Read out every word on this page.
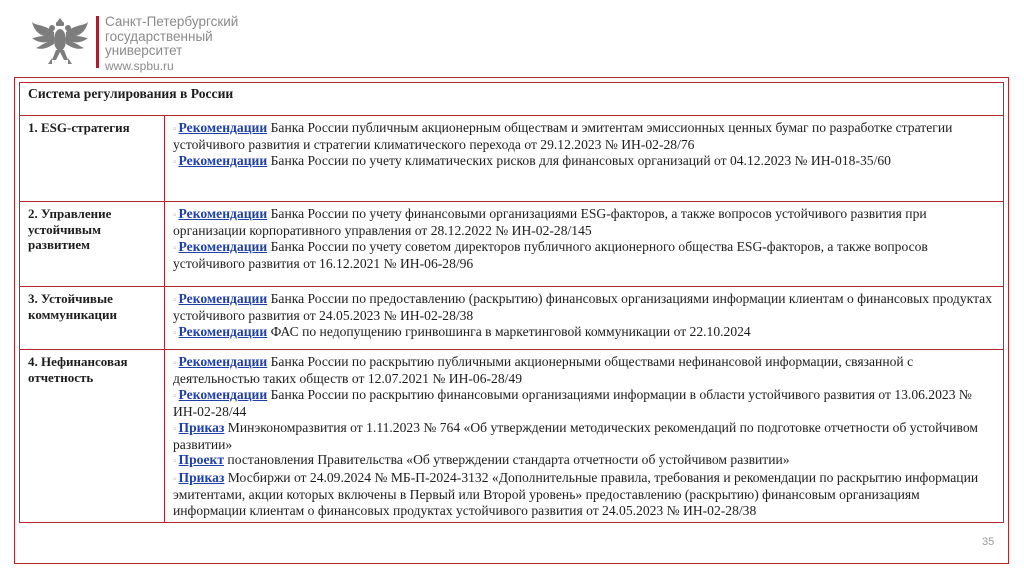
Санкт-Петербургский
государственный
университет
www.spbu.ru
Система регулирования в России	
1. ESG-стратегия	▫ Рекомендации Банка России публичным акционерным обществам и эмитентам эмиссионных ценных бумаг по разработке стратегии устойчивого развития и стратегии климатического перехода от 29.12.2023 № ИН-02-28/76
▫ Рекомендации Банка России по учету климатических рисков для финансовых организаций от 04.12.2023 № ИН-018-35/60

2. Управление устойчивым развитием	▫ Рекомендации Банка России по учету финансовыми организациями ESG-факторов, а также вопросов устойчивого развития при организации корпоративного управления от 28.12.2022 № ИН-02-28/145
▫ Рекомендации Банка России по учету советом директоров публичного акционерного общества ESG-факторов, а также вопросов устойчивого развития от 16.12.2021 № ИН-06-28/96

3. Устойчивые коммуникации	▫ Рекомендации Банка России по предоставлению (раскрытию) финансовых организациями информации клиентам о финансовых продуктах устойчивого развития от 24.05.2023 № ИН-02-28/38
▫ Рекомендации ФАС по недопущению гринвошинга в маркетинговой коммуникации от 22.10.2024

4. Нефинансовая отчетность	▫ Рекомендации Банка России по раскрытию публичными акционерными обществами нефинансовой информации, связанной с деятельностью таких обществ от 12.07.2021 № ИН-06-28/49
▫ Рекомендации Банка России по раскрытию финансовыми организациями информации в области устойчивого развития от 13.06.2023 № ИН-02-28/44
▫ Приказ Минэкономразвития от 1.11.2023 № 764 «Об утверждении методических рекомендаций по подготовке отчетности об устойчивом развитии»
▫ Проект постановления Правительства «Об утверждении стандарта отчетности об устойчивом развитии»
▫ Приказ Мосбиржи от 24.09.2024 № МБ-П-2024-3132 «Дополнительные правила, требования и рекомендации по раскрытию информации эмитентами, акции которых включены в Первый или Второй уровень» предоставлению (раскрытию) финансовым организациям информации клиентам о финансовых продуктах устойчивого развития от 24.05.2023 № ИН-02-28/38
35
